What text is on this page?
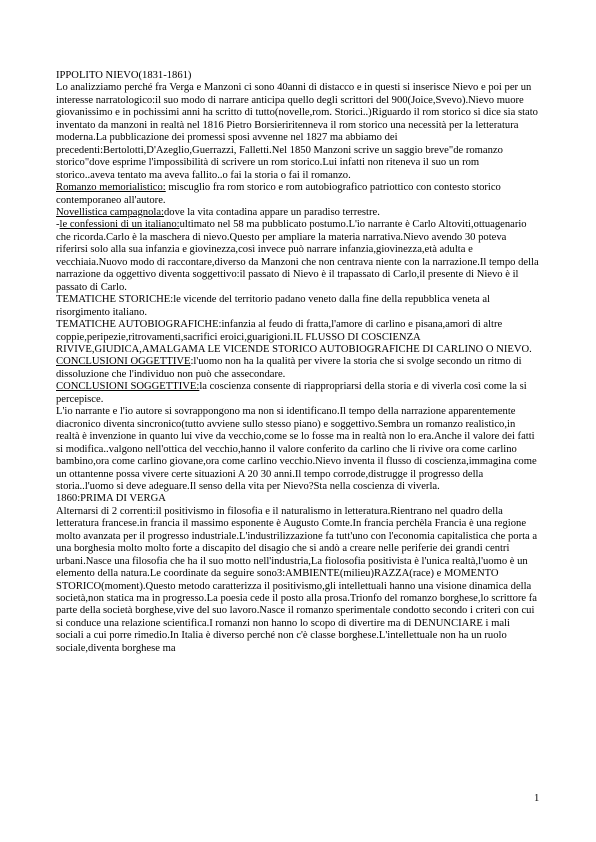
IPPOLITO NIEVO(1831-1861)

Lo analizziamo perché fra Verga e Manzoni ci sono 40anni di distacco e in questi si inserisce Nievo e poi per un interesse narratologico:il suo modo di narrare anticipa quello degli scrittori del 900(Joice,Svevo).Nievo muore giovanissimo e in pochissimi anni ha scritto di tutto(novelle,rom. Storici..)Riguardo il rom storico si dice sia stato inventato da manzoni in realtà nel 1816 Pietro Borsieriritenneva il rom storico una necessità per la letteratura moderna.La pubblicazione dei promessi sposi avvenne nel 1827 ma abbiamo dei precedenti:Bertolotti,D'Azeglio,Guerrazzi, Falletti.Nel 1850 Manzoni scrive un saggio breve"de romanzo storico"dove esprime l'impossibilità di scrivere un rom storico.Lui infatti non riteneva il suo un rom storico..aveva tentato ma aveva fallito..o fai la storia o fai il romanzo.

Romanzo memorialistico: miscuglio fra rom storico e rom autobiografico patriottico con contesto storico contemporaneo all'autore.

Novellistica campagnola:dove la vita contadina appare un paradiso terrestre.

-le confessioni di un italiano:ultimato nel 58 ma pubblicato postumo.L'io narrante è Carlo Altoviti,ottuagenario che ricorda.Carlo è la maschera di nievo.Questo per ampliare la materia narrativa.Nievo avendo 30 poteva riferirsi solo alla sua infanzia e giovinezza,così invece può narrare infanzia,giovinezza,età adulta e vecchiaia.Nuovo modo di raccontare,diverso da Manzoni che non centrava niente con la narrazione.Il tempo della narrazione da oggettivo diventa soggettivo:il passato di Nievo è il trapassato di Carlo,il presente di Nievo è il passato di Carlo.

TEMATICHE STORICHE:le vicende del territorio padano veneto dalla fine della repubblica veneta al risorgimento italiano.

TEMATICHE AUTOBIOGRAFICHE:infanzia al feudo di fratta,l'amore di carlino e pisana,amori di altre coppie,peripezie,ritrovamenti,sacrifici eroici,guarigioni.IL FLUSSO DI COSCIENZA RIVIVE,GIUDICA,AMALGAMA LE VICENDE STORICO AUTOBIOGRAFICHE DI CARLINO O NIEVO.

CONCLUSIONI OGGETTIVE:l'uomo non ha la qualità per vivere la storia che si svolge secondo un ritmo di dissoluzione che l'individuo non può che assecondare.

CONCLUSIONI SOGGETTIVE:la coscienza consente di riappropriarsi della storia e di viverla così come la si percepisce.

L'io narrante e l'io autore si sovrappongono ma non si identificano.Il tempo della narrazione apparentemente diacronico diventa sincronico(tutto avviene sullo stesso piano) e soggettivo.Sembra un romanzo realistico,in realtà è invenzione in quanto lui vive da vecchio,come se lo fosse ma in realtà non lo era.Anche il valore dei fatti si modifica..valgono nell'ottica del vecchio,hanno il valore conferito da carlino che li rivive ora come carlino bambino,ora come carlino giovane,ora come carlino vecchio.Nievo inventa il flusso di coscienza,immagina come un ottantenne possa vivere certe situazioni A 20 30 anni.Il tempo corrode,distrugge il progresso della storia..l'uomo si deve adeguare.Il senso della vita per Nievo?Sta nella coscienza di viverla.

1860:PRIMA DI VERGA

Alternarsi di 2 correnti:il positivismo in filosofia e il naturalismo in letteratura.Rientrano nel quadro della letteratura francese.in francia il massimo esponente è Augusto Comte.In francia perchèla Francia è una regione molto avanzata per il progresso industriale.L'industrilizzazione fa tutt'uno con l'economia capitalistica che porta a una borghesia molto molto forte a discapito del disagio che si andò a creare nelle periferie dei grandi centri urbani.Nasce una filosofia che ha il suo motto nell'industria,La fiolosofia positivista è l'unica realtà,l'uomo è un elemento della natura.Le coordinate da seguire sono3:AMBIENTE(milieu)RAZZA(race) e MOMENTO STORICO(moment).Questo metodo caratterizza il positivismo,gli intellettuali hanno una visione dinamica della società,non statica ma in progresso.La poesia cede il posto alla prosa.Trionfo del romanzo borghese,lo scrittore fa parte della società borghese,vive del suo lavoro.Nasce il romanzo sperimentale condotto secondo i criteri con cui si conduce una relazione scientifica.I romanzi non hanno lo scopo di divertire ma di DENUNCIARE i mali sociali a cui porre rimedio.In Italia è diverso perché non c'è classe borghese.L'intellettuale non ha un ruolo sociale,diventa borghese ma

1
